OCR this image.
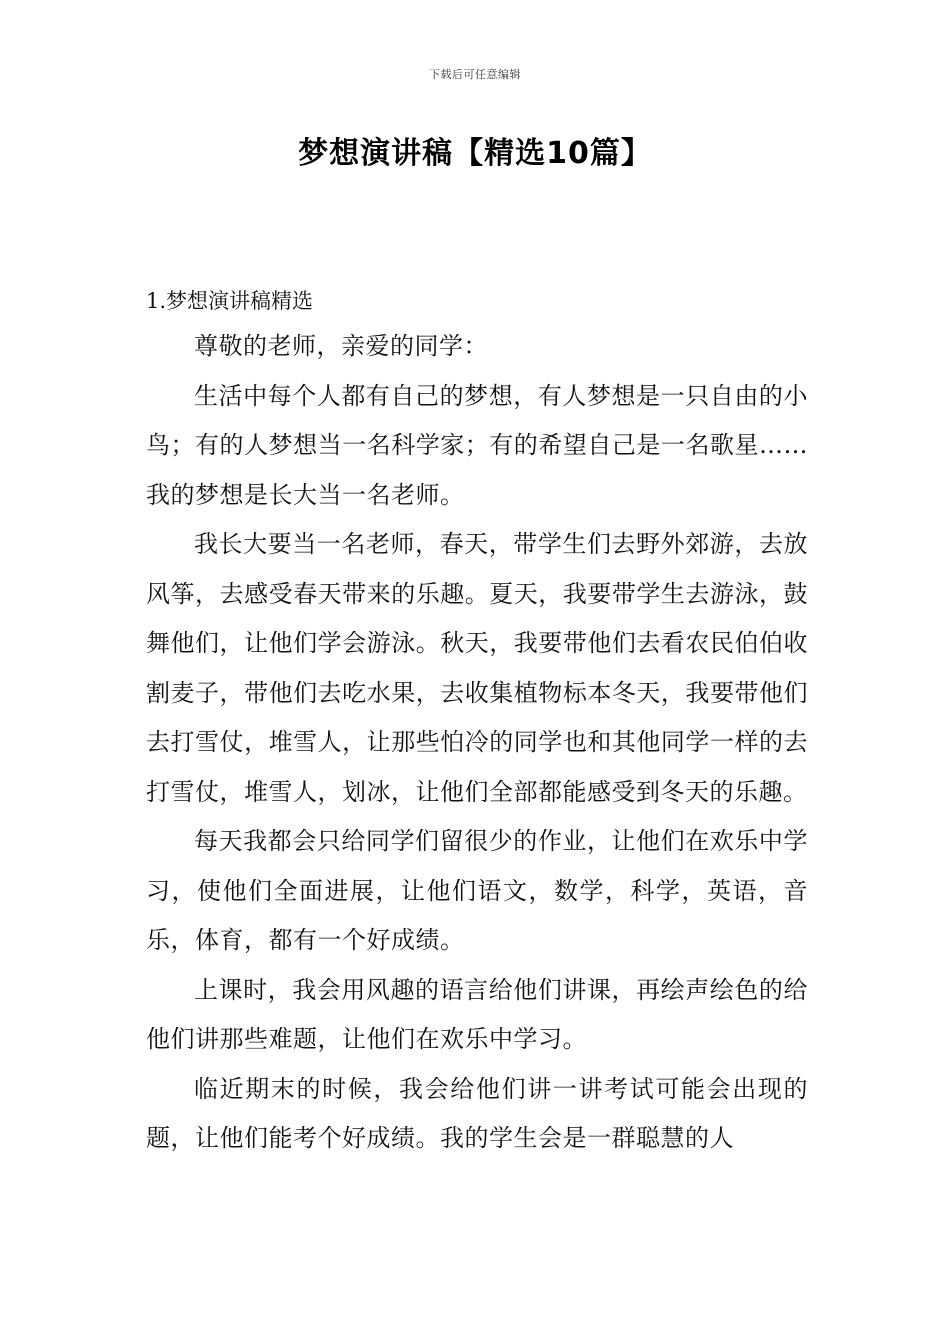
下载后可任意编辑
梦想演讲稿【精选10篇】

1.梦想演讲稿精选

尊敬的老师，亲爱的同学：

生活中每个人都有自己的梦想，有人梦想是一只自由的小鸟；有的人梦想当一名科学家；有的希望自己是一名歌星……我的梦想是长大当一名老师。

我长大要当一名老师，春天，带学生们去野外郊游，去放风筝，去感受春天带来的乐趣。夏天，我要带学生去游泳，鼓舞他们，让他们学会游泳。秋天，我要带他们去看农民伯伯收割麦子，带他们去吃水果，去收集植物标本冬天，我要带他们去打雪仗，堆雪人，让那些怕冷的同学也和其他同学一样的去打雪仗，堆雪人，划冰，让他们全部都能感受到冬天的乐趣。

每天我都会只给同学们留很少的作业，让他们在欢乐中学习，使他们全面进展，让他们语文，数学，科学，英语，音乐，体育，都有一个好成绩。

上课时，我会用风趣的语言给他们讲课，再绘声绘色的给他们讲那些难题，让他们在欢乐中学习。

临近期末的时候，我会给他们讲一讲考试可能会出现的题，让他们能考个好成绩。我的学生会是一群聪慧的人
